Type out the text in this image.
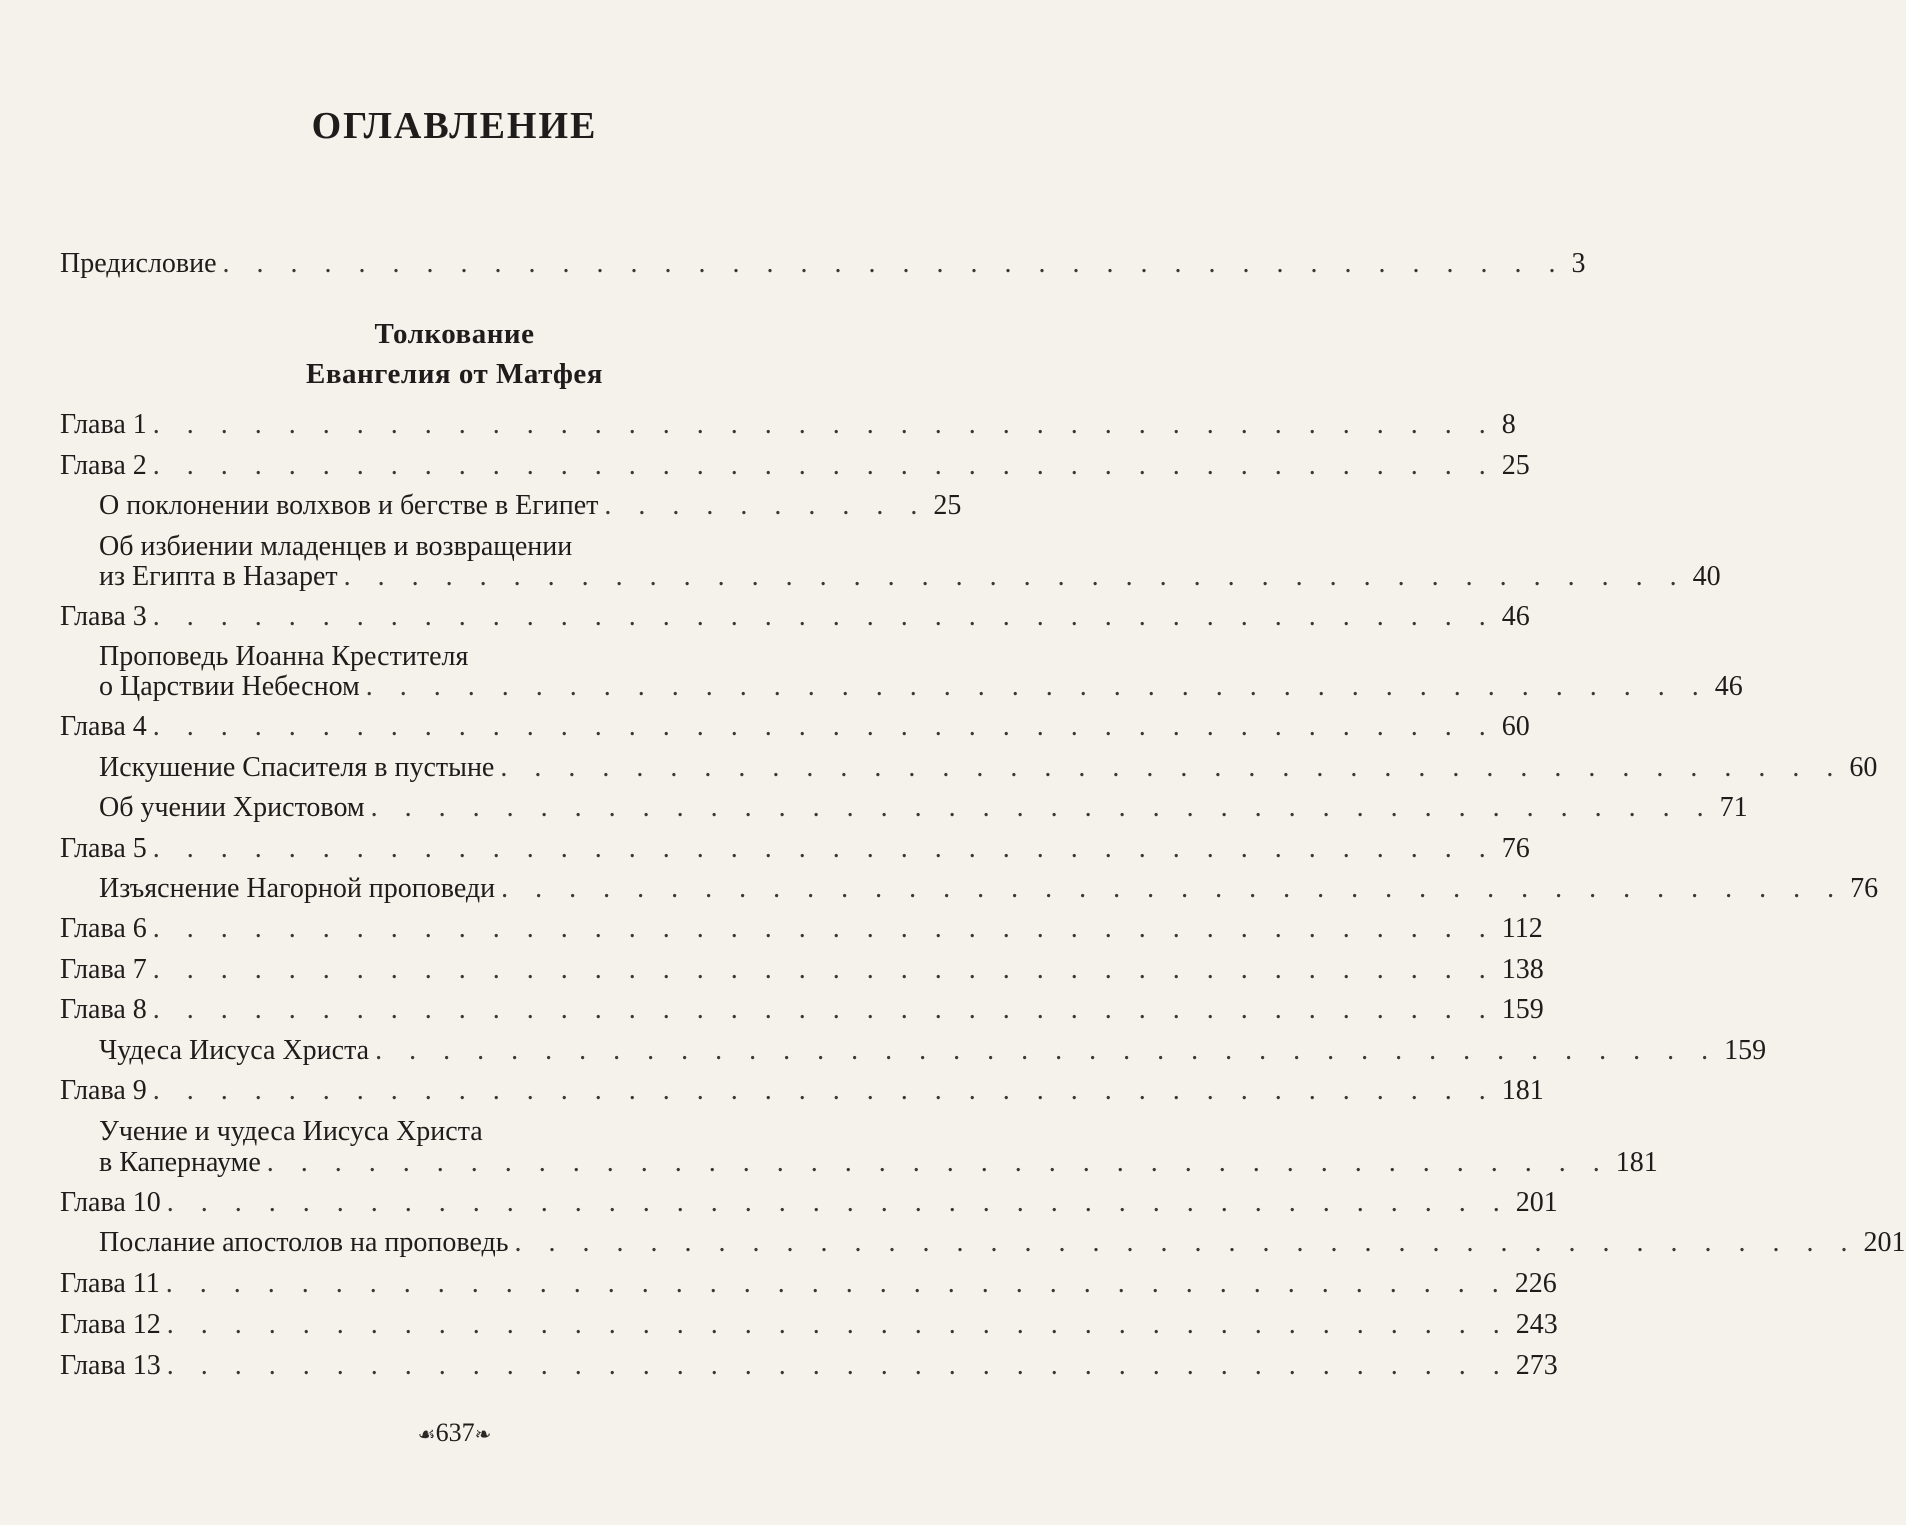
ОГЛАВЛЕНИЕ
Предисловие . . . . . . . . . . . . . . . . . . . . . . . . . . . . . . . . . . . . . . . . 3
Толкование
Евангелия от Матфея
Глава 1 . . . . . . . . . . . . . . . . . . . . . . . . . . . . . . . . . . . . . . . . 8
Глава 2 . . . . . . . . . . . . . . . . . . . . . . . . . . . . . . . . . . . . . . . . 25
О поклонении волхвов и бегстве в Египет . . . . . . . . . . 25
Об избиении младенцев и возвращении
из Египта в Назарет . . . . . . . . . . . . . . . . . . . . . . . . . . . . . . . . . . . . . . . . 40
Глава 3 . . . . . . . . . . . . . . . . . . . . . . . . . . . . . . . . . . . . . . . . 46
Проповедь Иоанна Крестителя
о Царствии Небесном . . . . . . . . . . . . . . . . . . . . . . . . . . . . . . . . . . . . . . . . 46
Глава 4 . . . . . . . . . . . . . . . . . . . . . . . . . . . . . . . . . . . . . . . . 60
Искушение Спасителя в пустыне . . . . . . . . . . . . . . . . . . . . . . . . . . . . . . . . . . . . . . . . 60
Об учении Христовом . . . . . . . . . . . . . . . . . . . . . . . . . . . . . . . . . . . . . . . . 71
Глава 5 . . . . . . . . . . . . . . . . . . . . . . . . . . . . . . . . . . . . . . . . 76
Изъяснение Нагорной проповеди . . . . . . . . . . . . . . . . . . . . . . . . . . . . . . . . . . . . . . . . 76
Глава 6 . . . . . . . . . . . . . . . . . . . . . . . . . . . . . . . . . . . . . . . . 112
Глава 7 . . . . . . . . . . . . . . . . . . . . . . . . . . . . . . . . . . . . . . . . 138
Глава 8 . . . . . . . . . . . . . . . . . . . . . . . . . . . . . . . . . . . . . . . . 159
Чудеса Иисуса Христа . . . . . . . . . . . . . . . . . . . . . . . . . . . . . . . . . . . . . . . . 159
Глава 9 . . . . . . . . . . . . . . . . . . . . . . . . . . . . . . . . . . . . . . . . 181
Учение и чудеса Иисуса Христа
в Капернауме . . . . . . . . . . . . . . . . . . . . . . . . . . . . . . . . . . . . . . . . 181
Глава 10 . . . . . . . . . . . . . . . . . . . . . . . . . . . . . . . . . . . . . . . . 201
Послание апостолов на проповедь . . . . . . . . . . . . . . . . . . . . . . . . . . . . . . . . . . . . . . . . 201
Глава 11 . . . . . . . . . . . . . . . . . . . . . . . . . . . . . . . . . . . . . . . . 226
Глава 12 . . . . . . . . . . . . . . . . . . . . . . . . . . . . . . . . . . . . . . . . 243
Глава 13 . . . . . . . . . . . . . . . . . . . . . . . . . . . . . . . . . . . . . . . . 273
☙637❧
